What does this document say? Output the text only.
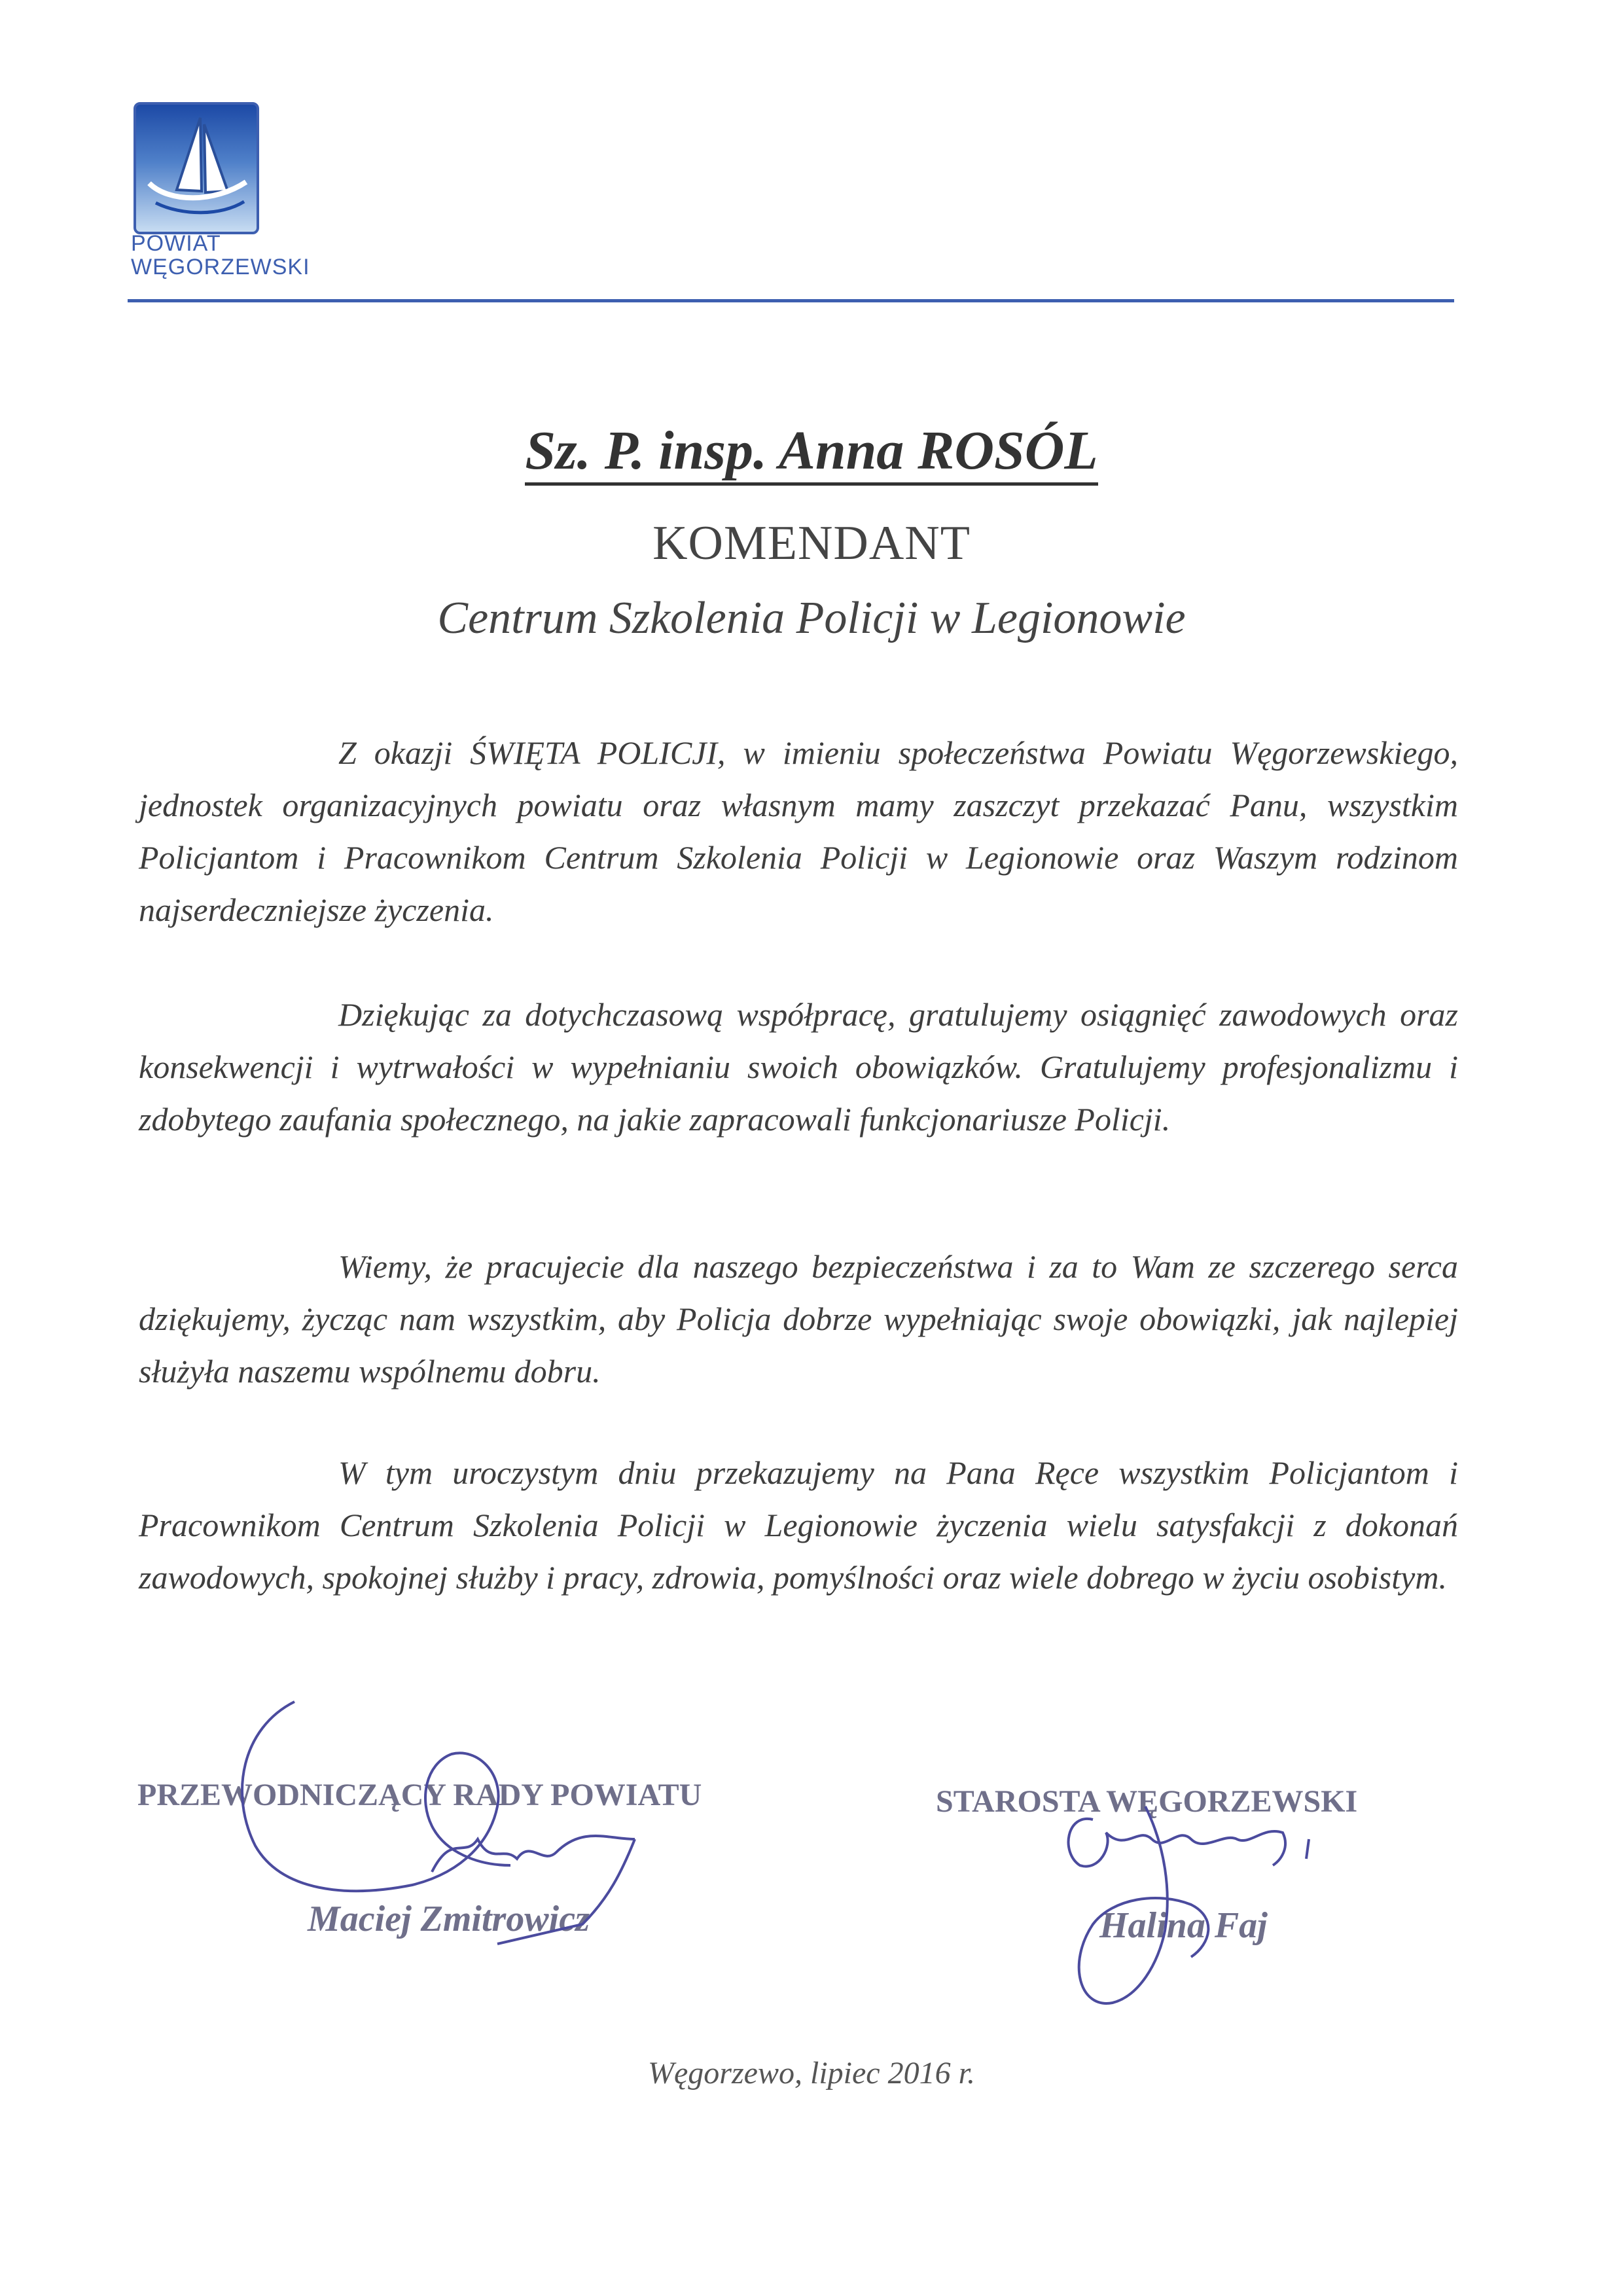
POWIAT
WĘGORZEWSKI
Sz. P. insp. Anna ROSÓL
KOMENDANT
Centrum Szkolenia Policji w Legionowie

Z okazji ŚWIĘTA POLICJI, w imieniu społeczeństwa Powiatu Węgorzewskiego, jednostek organizacyjnych powiatu oraz własnym mamy zaszczyt przekazać Panu, wszystkim Policjantom i Pracownikom Centrum Szkolenia Policji w Legionowie oraz Waszym rodzinom najserdeczniejsze życzenia.

Dziękując za dotychczasową współpracę, gratulujemy osiągnięć zawodowych oraz konsekwencji i wytrwałości w wypełnianiu swoich obowiązków. Gratulujemy profesjonalizmu i zdobytego zaufania społecznego, na jakie zapracowali funkcjonariusze Policji.

Wiemy, że pracujecie dla naszego bezpieczeństwa i za to Wam ze szczerego serca dziękujemy, życząc nam wszystkim, aby Policja dobrze wypełniając swoje obowiązki, jak najlepiej służyła naszemu wspólnemu dobru.

W tym uroczystym dniu przekazujemy na Pana Ręce wszystkim Policjantom i Pracownikom Centrum Szkolenia Policji w Legionowie życzenia wielu satysfakcji z dokonań zawodowych, spokojnej służby i pracy, zdrowia, pomyślności oraz wiele dobrego w życiu osobistym.

PRZEWODNICZĄCY RADY POWIATU
Maciej Zmitrowicz
STAROSTA WĘGORZEWSKI
Halina Faj
Węgorzewo, lipiec 2016 r.
